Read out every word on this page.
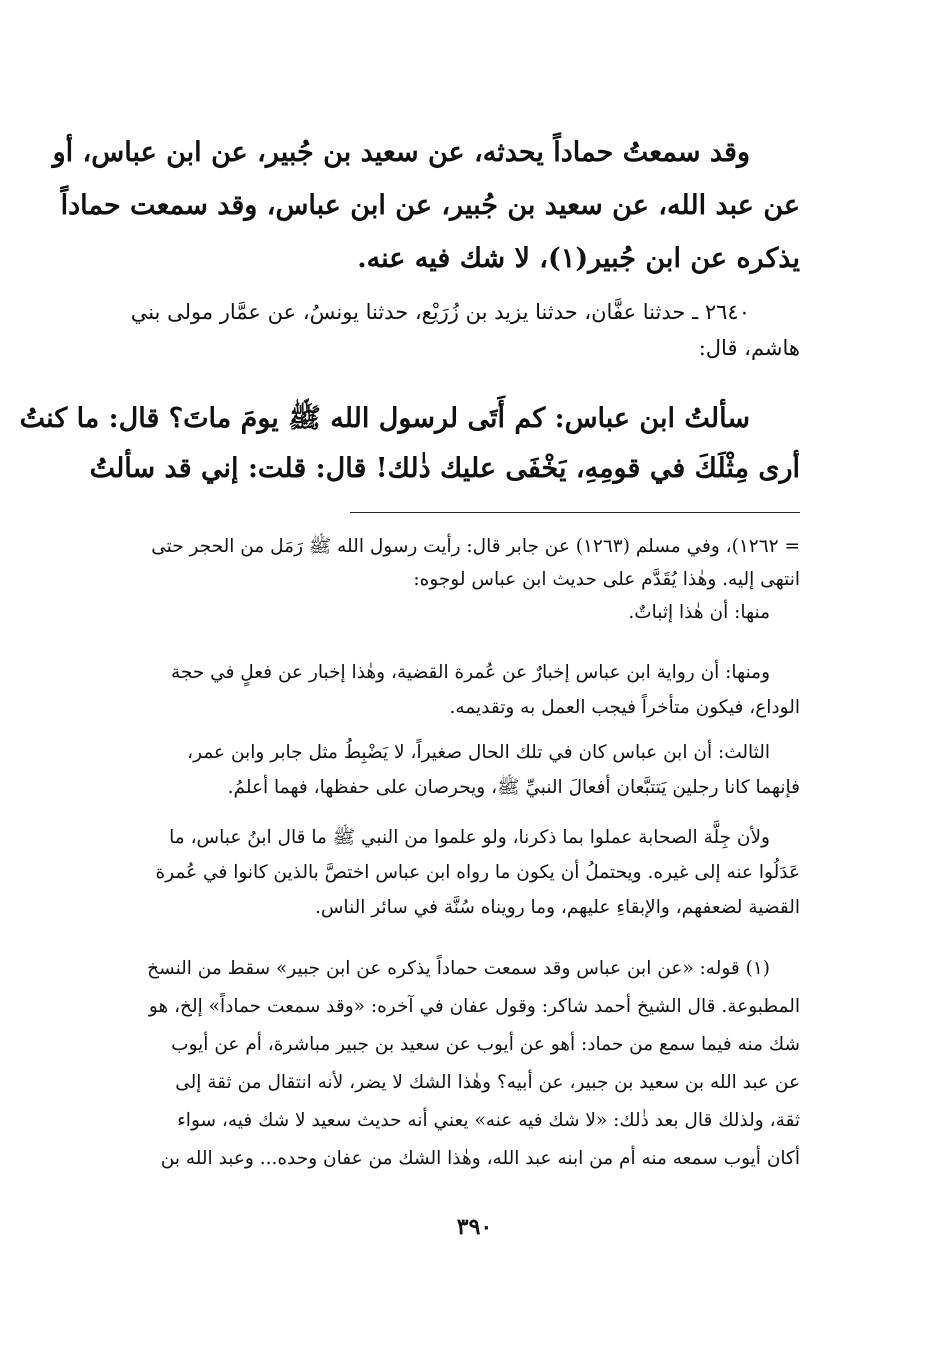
وقد سمعتُ حماداً يحدثه، عن سعيد بن جُبير، عن ابن عباس، أو
عن عبد الله، عن سعيد بن جُبير، عن ابن عباس، وقد سمعت حماداً
يذكره عن ابن جُبير(١)، لا شك فيه عنه.
٢٦٤٠ ـ حدثنا عفَّان، حدثنا يزيد بن زُرَيْع، حدثنا يونسُ، عن عمَّار مولى بني
هاشم، قال:
سألتُ ابن عباس: كم أَتَى لرسول الله ﷺ يومَ ماتَ؟ قال: ما كنتُ
أرى مِثْلَكَ في قومِهِ، يَخْفَى عليك ذٰلك! قال: قلت: إني قد سألتُ
= ١٢٦٢)، وفي مسلم (١٢٦٣) عن جابر قال: رأيت رسول الله ﷺ رَمَل من الحجر حتى
انتهى إليه. وهٰذا يُقَدَّم على حديث ابن عباس لوجوه:
منها: أن هٰذا إثباتٌ.
ومنها: أن رواية ابن عباس إخبارٌ عن عُمرة القضية، وهٰذا إخبار عن فعلٍ في حجة
الوداع، فيكون متأخراً فيجب العمل به وتقديمه.
الثالث: أن ابن عباس كان في تلك الحال صغيراً، لا يَضْبِطُ مثل جابر وابن عمر،
فإنهما كانا رجلين يَتتبَّعان أفعالَ النبيِّ ﷺ، ويحرصان على حفظها، فهما أعلمُ.
ولأن جِلَّة الصحابة عملوا بما ذكرنا، ولو علموا من النبي ﷺ ما قال ابنُ عباس، ما
عَدَلُوا عنه إلى غيره. ويحتملُ أن يكون ما رواه ابن عباس اختصَّ بالذين كانوا في عُمرة
القضية لضعفهم، والإبقاءِ عليهم، وما رويناه سُنَّة في سائر الناس.
(١) قوله: «عن ابن عباس وقد سمعت حماداً يذكره عن ابن جبير» سقط من النسخ
المطبوعة. قال الشيخ أحمد شاكر: وقول عفان في آخره: «وقد سمعت حماداً» إلخ، هو
شك منه فيما سمع من حماد: أهو عن أيوب عن سعيد بن جبير مباشرة، أم عن أيوب
عن عبد الله بن سعيد بن جبير، عن أبيه؟ وهٰذا الشك لا يضر، لأنه انتقال من ثقة إلى
ثقة، ولذلك قال بعد ذٰلك: «لا شك فيه عنه» يعني أنه حديث سعيد لا شك فيه، سواء
أكان أيوب سمعه منه أم من ابنه عبد الله، وهٰذا الشك من عفان وحده... وعبد الله بن
٣٩٠
